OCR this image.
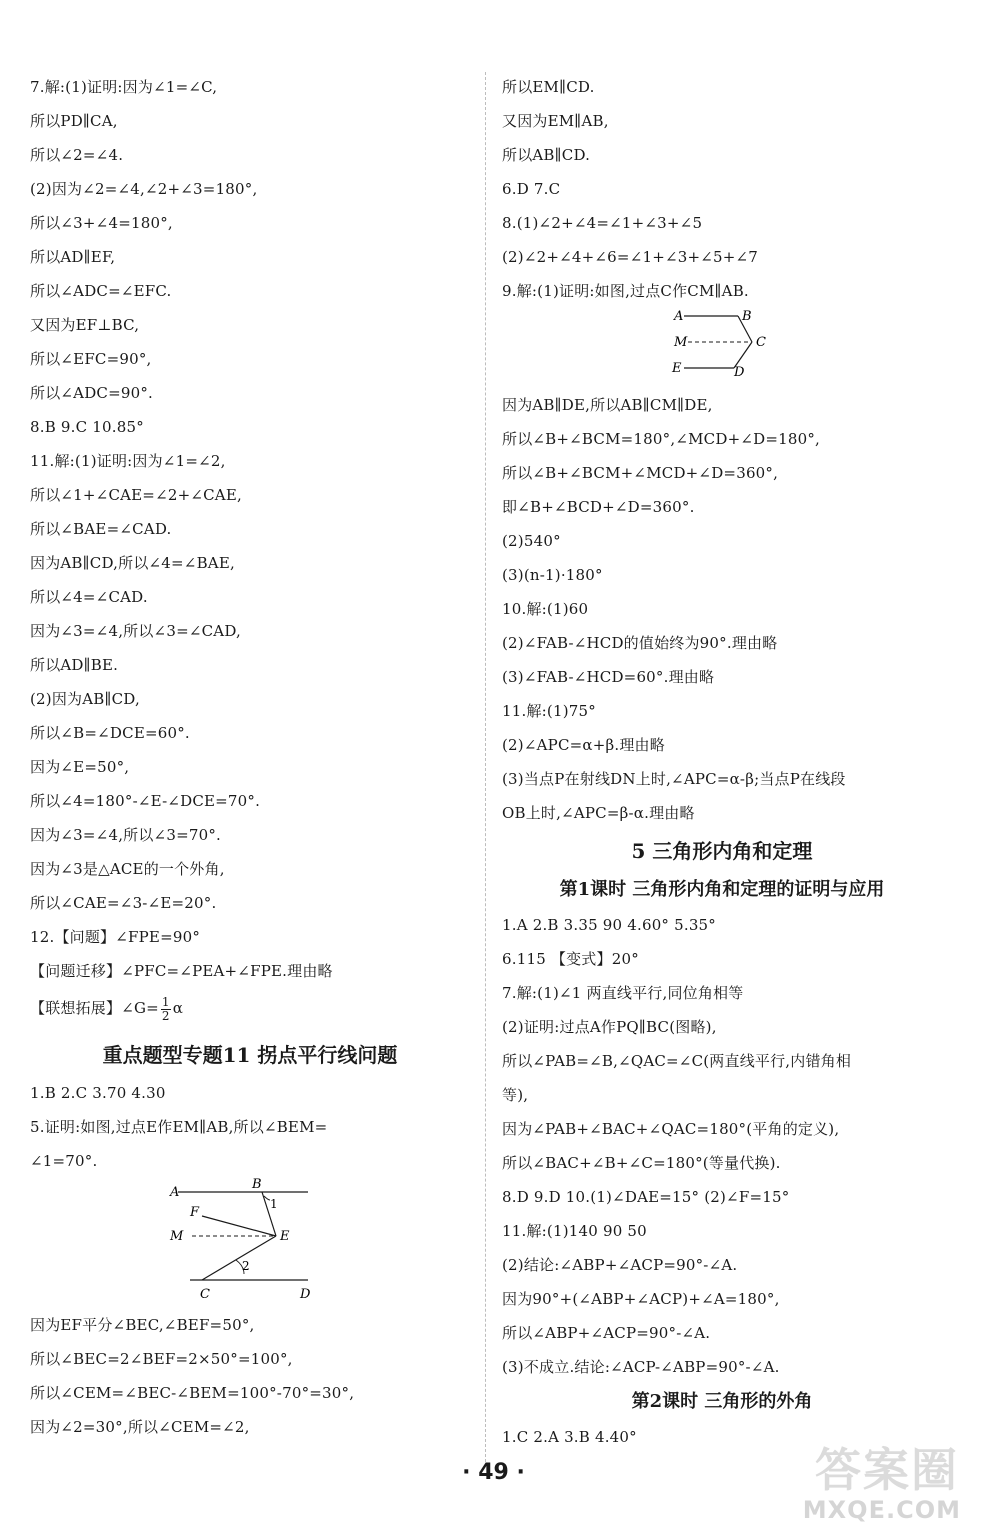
7.解:(1)证明:因为∠1=∠C,
所以PD∥CA,
所以∠2=∠4.
(2)因为∠2=∠4,∠2+∠3=180°,
所以∠3+∠4=180°,
所以AD∥EF,
所以∠ADC=∠EFC.
又因为EF⊥BC,
所以∠EFC=90°,
所以∠ADC=90°.
8.B 9.C 10.85°
11.解:(1)证明:因为∠1=∠2,
所以∠1+∠CAE=∠2+∠CAE,
所以∠BAE=∠CAD.
因为AB∥CD,所以∠4=∠BAE,
所以∠4=∠CAD.
因为∠3=∠4,所以∠3=∠CAD,
所以AD∥BE.
(2)因为AB∥CD,
所以∠B=∠DCE=60°.
因为∠E=50°,
所以∠4=180°-∠E-∠DCE=70°.
因为∠3=∠4,所以∠3=70°.
因为∠3是△ACE的一个外角,
所以∠CAE=∠3-∠E=20°.
12.【问题】∠FPE=90°
【问题迁移】∠PFC=∠PEA+∠FPE.理由略
【联想拓展】∠G= $\frac{1}{2}$ α
重点题型专题11 拐点平行线问题
1.B 2.C 3.70 4.30
5.证明:如图,过点E作EM∥AB,所以∠BEM=
∠1=70°.
A
B
F
M	E
C	D
1
2
因为EF平分∠BEC,∠BEF=50°,
所以∠BEC=2∠BEF=2×50°=100°,
所以∠CEM=∠BEC-∠BEM=100°-70°=30°,
因为∠2=30°,所以∠CEM=∠2,
所以EM∥CD.
又因为EM∥AB,
所以AB∥CD.
6.D 7.C
8.(1)∠2+∠4=∠1+∠3+∠5
(2)∠2+∠4+∠6=∠1+∠3+∠5+∠7
9.解:(1)证明:如图,过点C作CM∥AB.
A	B
M	C
E	D
因为AB∥DE,所以AB∥CM∥DE,
所以∠B+∠BCM=180°,∠MCD+∠D=180°,
所以∠B+∠BCM+∠MCD+∠D=360°,
即∠B+∠BCD+∠D=360°.
(2)540°
(3)(n-1)·180°
10.解:(1)60
(2)∠FAB-∠HCD的值始终为90°.理由略
(3)∠FAB-∠HCD=60°.理由略
11.解:(1)75°
(2)∠APC=α+β.理由略
(3)当点P在射线DN上时,∠APC=α-β;当点P在线段
OB上时,∠APC=β-α.理由略
5 三角形内角和定理
第1课时 三角形内角和定理的证明与应用
1.A 2.B 3.35 90 4.60° 5.35°
6.115 【变式】20°
7.解:(1)∠1 两直线平行,同位角相等
(2)证明:过点A作PQ∥BC(图略),
所以∠PAB=∠B,∠QAC=∠C(两直线平行,内错角相
等),
因为∠PAB+∠BAC+∠QAC=180°(平角的定义),
所以∠BAC+∠B+∠C=180°(等量代换).
8.D 9.D 10.(1)∠DAE=15° (2)∠F=15°
11.解:(1)140 90 50
(2)结论:∠ABP+∠ACP=90°-∠A.
因为90°+(∠ABP+∠ACP)+∠A=180°,
所以∠ABP+∠ACP=90°-∠A.
(3)不成立.结论:∠ACP-∠ABP=90°-∠A.
第2课时 三角形的外角
1.C 2.A 3.B 4.40°
· 49 ·	答案圈
MXQE.COM
